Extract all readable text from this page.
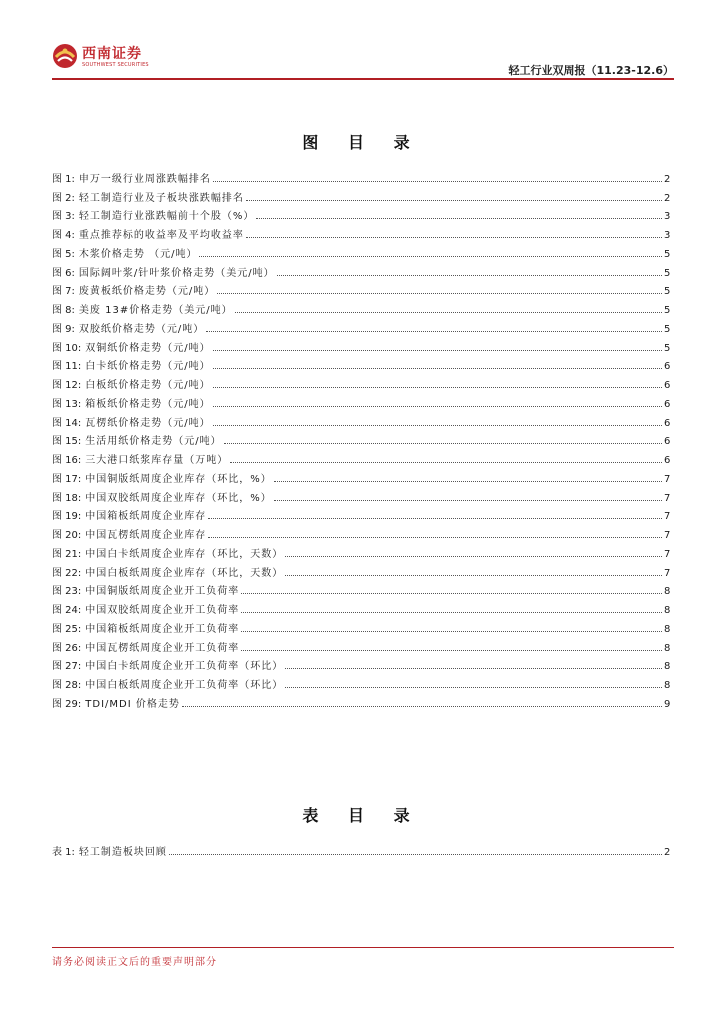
西南证券
SOUTHWEST SECURITIES	轻工行业双周报（11.23-12.6）
图 目 录
图 1: 申万一级行业周涨跌幅排名	2
图 2: 轻工制造行业及子板块涨跌幅排名	2
图 3: 轻工制造行业涨跌幅前十个股（%）	3
图 4: 重点推荐标的收益率及平均收益率	3
图 5: 木浆价格走势 （元/吨）	5
图 6: 国际阔叶浆/针叶浆价格走势（美元/吨）	5
图 7: 废黄板纸价格走势（元/吨）	5
图 8: 美废 13#价格走势（美元/吨）	5
图 9: 双胶纸价格走势（元/吨）	5
图 10: 双铜纸价格走势（元/吨）	5
图 11: 白卡纸价格走势（元/吨）	6
图 12: 白板纸价格走势（元/吨）	6
图 13: 箱板纸价格走势（元/吨）	6
图 14: 瓦楞纸价格走势（元/吨）	6
图 15: 生活用纸价格走势（元/吨）	6
图 16: 三大港口纸浆库存量（万吨）	6
图 17: 中国铜版纸周度企业库存（环比，%）	7
图 18: 中国双胶纸周度企业库存（环比，%）	7
图 19: 中国箱板纸周度企业库存	7
图 20: 中国瓦楞纸周度企业库存	7
图 21: 中国白卡纸周度企业库存（环比，天数）	7
图 22: 中国白板纸周度企业库存（环比，天数）	7
图 23: 中国铜版纸周度企业开工负荷率	8
图 24: 中国双胶纸周度企业开工负荷率	8
图 25: 中国箱板纸周度企业开工负荷率	8
图 26: 中国瓦楞纸周度企业开工负荷率	8
图 27: 中国白卡纸周度企业开工负荷率（环比）	8
图 28: 中国白板纸周度企业开工负荷率（环比）	8
图 29: TDI/MDI 价格走势	9
表 目 录
表 1: 轻工制造板块回顾	2
请务必阅读正文后的重要声明部分
